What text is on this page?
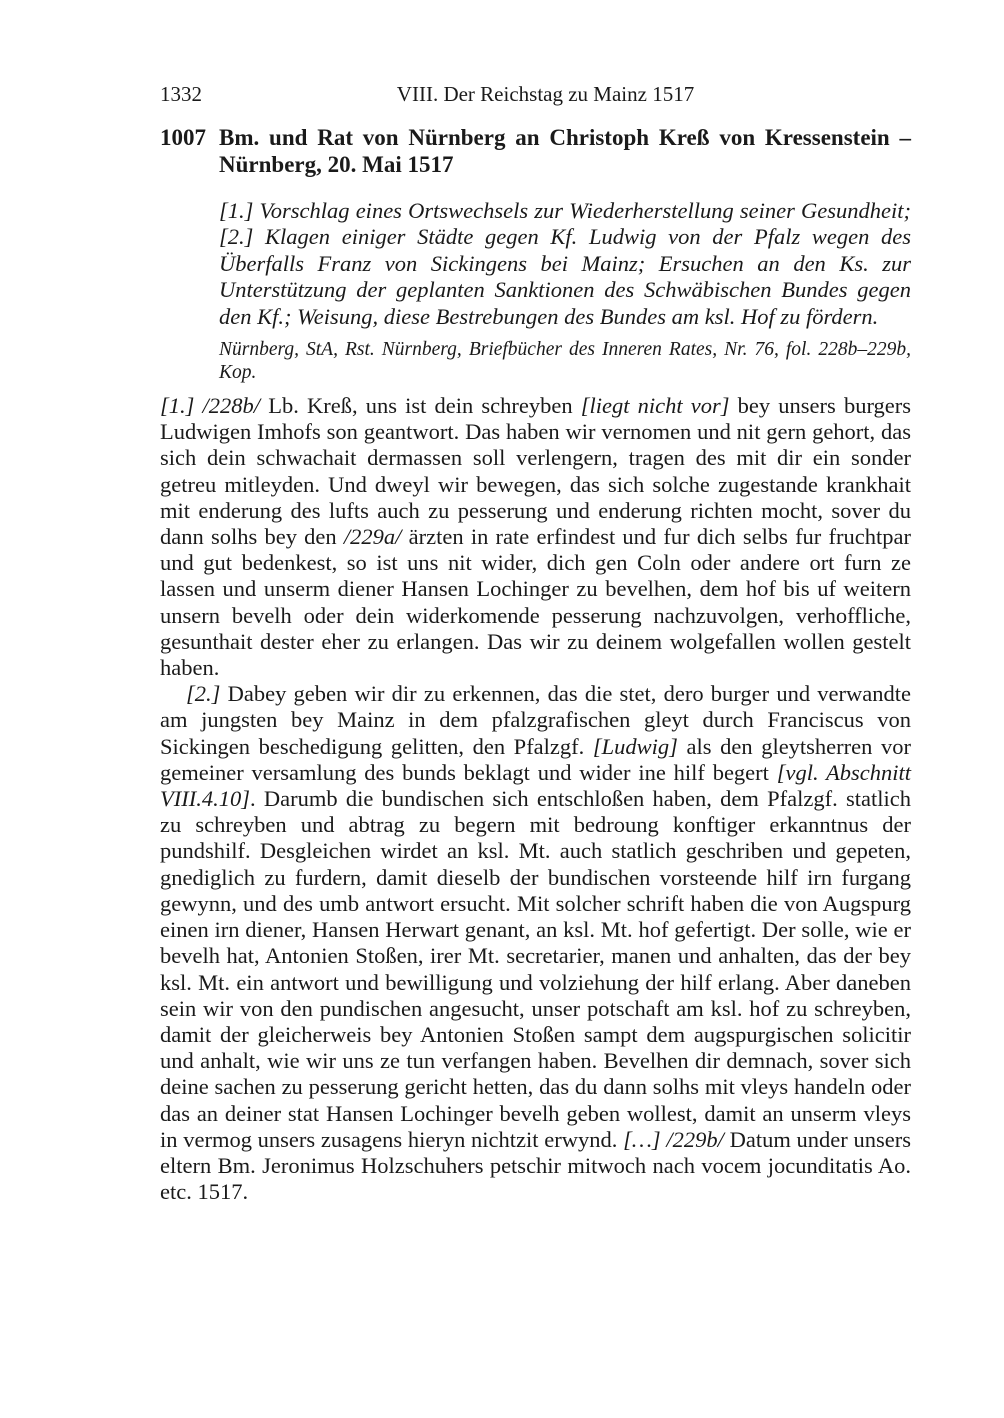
1332	VIII. Der Reichstag zu Mainz 1517
1007 Bm. und Rat von Nürnberg an Christoph Kreß von Kressenstein – Nürnberg, 20. Mai 1517
[1.] Vorschlag eines Ortswechsels zur Wiederherstellung seiner Gesundheit; [2.] Klagen einiger Städte gegen Kf. Ludwig von der Pfalz wegen des Überfalls Franz von Sickingens bei Mainz; Ersuchen an den Ks. zur Unterstützung der geplanten Sanktionen des Schwäbischen Bundes gegen den Kf.; Weisung, diese Bestrebungen des Bundes am ksl. Hof zu fördern.
Nürnberg, StA, Rst. Nürnberg, Briefbücher des Inneren Rates, Nr. 76, fol. 228b–229b, Kop.

[1.] /228b/ Lb. Kreß, uns ist dein schreyben [liegt nicht vor] bey unsers burgers Ludwigen Imhofs son geantwort. Das haben wir vernomen und nit gern gehort, das sich dein schwachait dermassen soll verlengern, tragen des mit dir ein sonder getreu mitleyden. Und dweyl wir bewegen, das sich solche zugestande krankhait mit enderung des lufts auch zu pesserung und enderung richten mocht, sover du dann solhs bey den /229a/ ärzten in rate erfindest und fur dich selbs fur fruchtpar und gut bedenkest, so ist uns nit wider, dich gen Coln oder andere ort furn ze lassen und unserm diener Hansen Lochinger zu bevelhen, dem hof bis uf weitern unsern bevelh oder dein widerkomende pesserung nachzuvolgen, verhoffliche, gesunthait dester eher zu erlangen. Das wir zu deinem wolgefallen wollen gestelt haben.

[2.] Dabey geben wir dir zu erkennen, das die stet, dero burger und verwandte am jungsten bey Mainz in dem pfalzgrafischen gleyt durch Franciscus von Sickingen beschedigung gelitten, den Pfalzgf. [Ludwig] als den gleytsherren vor gemeiner versamlung des bunds beklagt und wider ine hilf begert [vgl. Abschnitt VIII.4.10]. Darumb die bundischen sich entschloßen haben, dem Pfalzgf. statlich zu schreyben und abtrag zu begern mit bedroung konftiger erkanntnus der pundshilf. Desgleichen wirdet an ksl. Mt. auch statlich geschriben und gepeten, gnediglich zu furdern, damit dieselb der bundischen vorsteende hilf irn furgang gewynn, und des umb antwort ersucht. Mit solcher schrift haben die von Augspurg einen irn diener, Hansen Herwart genant, an ksl. Mt. hof gefertigt. Der solle, wie er bevelh hat, Antonien Stoßen, irer Mt. secretarier, manen und anhalten, das der bey ksl. Mt. ein antwort und bewilligung und volziehung der hilf erlang. Aber daneben sein wir von den pundischen angesucht, unser potschaft am ksl. hof zu schreyben, damit der gleicherweis bey Antonien Stoßen sampt dem augspurgischen solicitir und anhalt, wie wir uns ze tun verfangen haben. Bevelhen dir demnach, sover sich deine sachen zu pesserung gericht hetten, das du dann solhs mit vleys handeln oder das an deiner stat Hansen Lochinger bevelh geben wollest, damit an unserm vleys in vermog unsers zusagens hieryn nichtzit erwynd. […] /229b/ Datum under unsers eltern Bm. Jeronimus Holzschuhers petschir mitwoch nach vocem jocunditatis Ao. etc. 1517.
